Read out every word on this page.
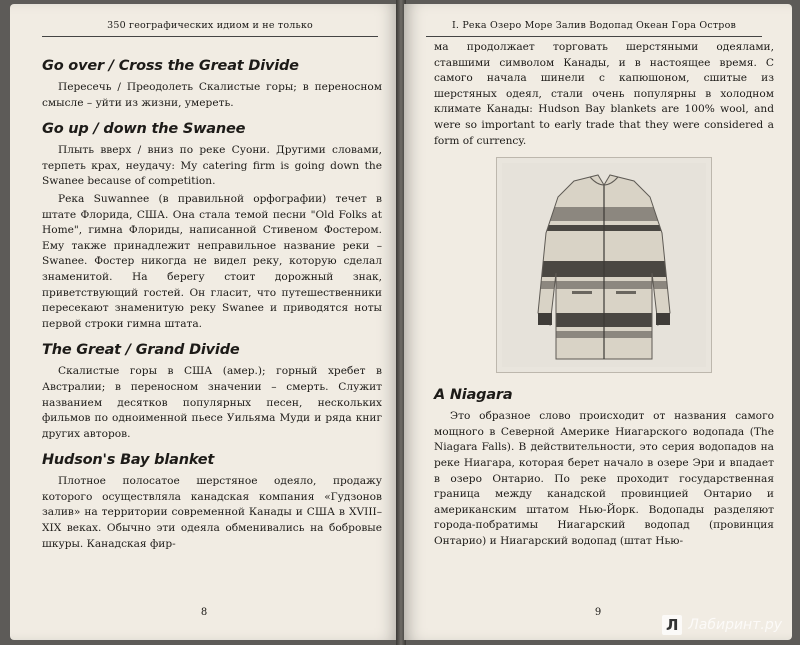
350 географических идиом и не только
Go over / Cross the Great Divide

Пересечь / Преодолеть Скалистые горы; в переносном смысле – уйти из жизни, умереть.

Go up / down the Swanee

Плыть вверх / вниз по реке Суони. Другими словами, терпеть крах, неудачу: My catering firm is going down the Swanee because of competition.

Река Suwannee (в правильной орфографии) течет в штате Флорида, США. Она стала темой песни "Old Folks at Home", гимна Флориды, написанной Стивеном Фостером. Ему также принадлежит неправильное название реки – Swanee. Фостер никогда не видел реку, которую сделал знаменитой. На берегу стоит дорожный знак, приветствующий гостей. Он гласит, что путешественники пересекают знаменитую реку Swanee и приводятся ноты первой строки гимна штата.

The Great / Grand Divide

Скалистые горы в США (амер.); горный хребет в Австралии; в переносном значении – смерть. Служит названием десятков популярных песен, нескольких фильмов по одноименной пьесе Уильяма Муди и ряда книг других авторов.

Hudson's Bay blanket

Плотное полосатое шерстяное одеяло, продажу которого осуществляла канадская компания «Гудзонов залив» на территории современной Канады и США в XVIII–XIX веках. Обычно эти одеяла обменивались на бобровые шкуры. Канадская фир-

8
I. Река Озеро Море Залив Водопад Океан Гора Остров

ма продолжает торговать шерстяными одеялами, ставшими символом Канады, и в настоящее время. С самого начала шинели с капюшоном, сшитые из шерстяных одеял, стали очень популярны в холодном климате Канады: Hudson Bay blankets are 100% wool, and were so important to early trade that they were considered a form of currency.

A Niagara

Это образное слово происходит от названия самого мощного в Северной Америке Ниагарского водопада (The Niagara Falls). В действительности, это серия водопадов на реке Ниагара, которая берет начало в озере Эри и впадает в озеро Онтарио. По реке проходит государственная граница между канадской провинцией Онтарио и американским штатом Нью-Йорк. Водопады разделяют города-побратимы Ниагарский водопад (провинция Онтарио) и Ниагарский водопад (штат Нью-

9
Л Лабиринт.ру
